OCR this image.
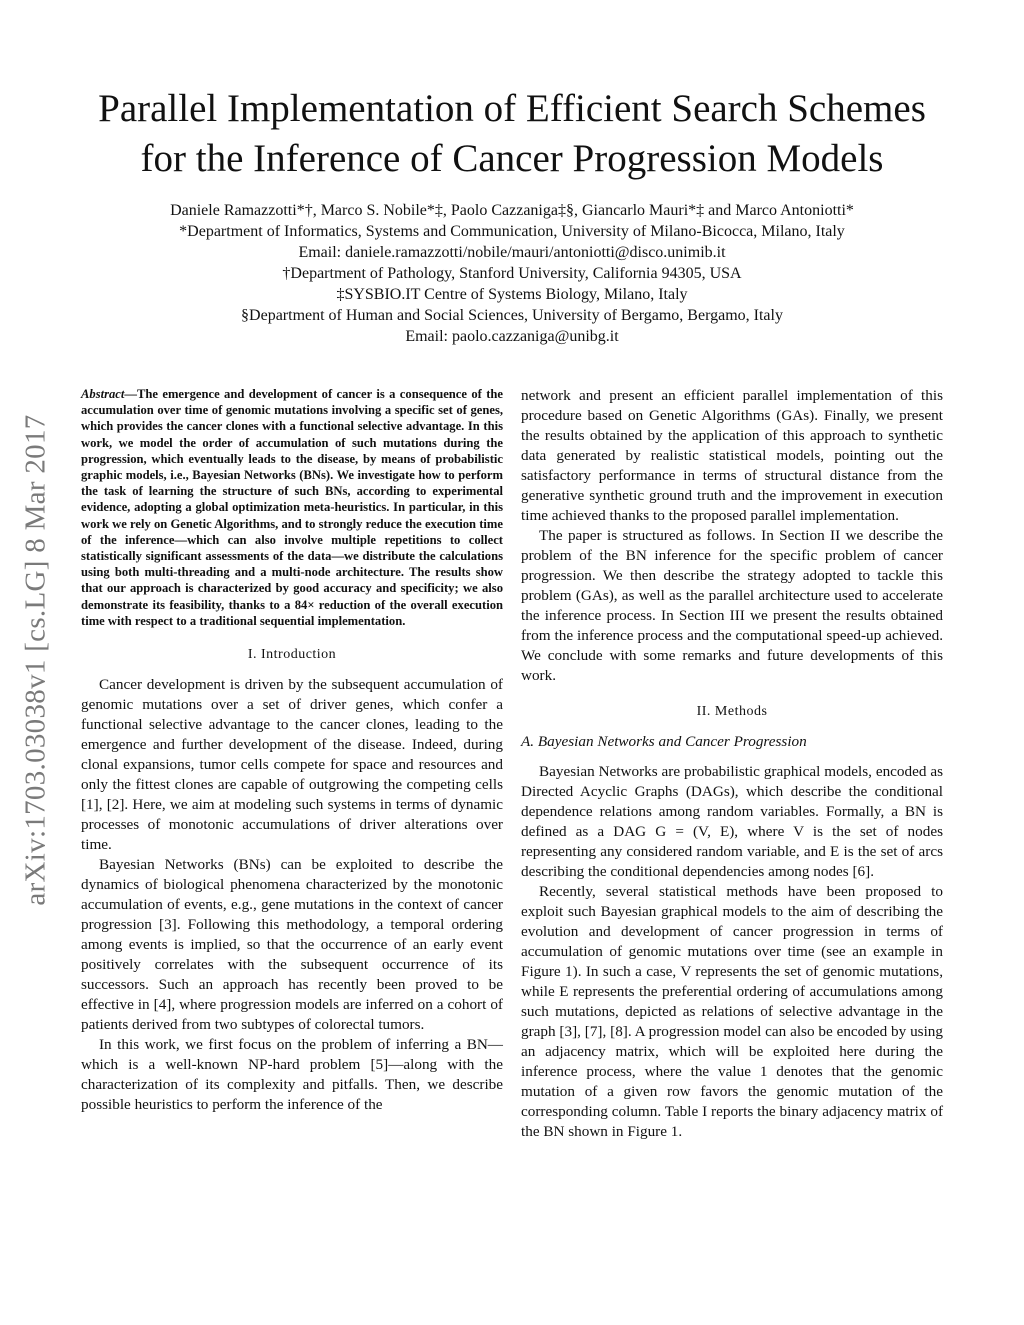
arXiv:1703.03038v1 [cs.LG] 8 Mar 2017
Parallel Implementation of Efficient Search Schemes
for the Inference of Cancer Progression Models
Daniele Ramazzotti*†, Marco S. Nobile*‡, Paolo Cazzaniga‡§, Giancarlo Mauri*‡ and Marco Antoniotti*
*Department of Informatics, Systems and Communication, University of Milano-Bicocca, Milano, Italy
Email: daniele.ramazzotti/nobile/mauri/antoniotti@disco.unimib.it
†Department of Pathology, Stanford University, California 94305, USA
‡SYSBIO.IT Centre of Systems Biology, Milano, Italy
§Department of Human and Social Sciences, University of Bergamo, Bergamo, Italy
Email: paolo.cazzaniga@unibg.it

Abstract—The emergence and development of cancer is a consequence of the accumulation over time of genomic mutations involving a specific set of genes, which provides the cancer clones with a functional selective advantage. In this work, we model the order of accumulation of such mutations during the progression, which eventually leads to the disease, by means of probabilistic graphic models, i.e., Bayesian Networks (BNs). We investigate how to perform the task of learning the structure of such BNs, according to experimental evidence, adopting a global optimization meta-heuristics. In particular, in this work we rely on Genetic Algorithms, and to strongly reduce the execution time of the inference—which can also involve multiple repetitions to collect statistically significant assessments of the data—we distribute the calculations using both multi-threading and a multi-node architecture. The results show that our approach is characterized by good accuracy and specificity; we also demonstrate its feasibility, thanks to a 84× reduction of the overall execution time with respect to a traditional sequential implementation.

I. Introduction

Cancer development is driven by the subsequent accumulation of genomic mutations over a set of driver genes, which confer a functional selective advantage to the cancer clones, leading to the emergence and further development of the disease. Indeed, during clonal expansions, tumor cells compete for space and resources and only the fittest clones are capable of outgrowing the competing cells [1], [2]. Here, we aim at modeling such systems in terms of dynamic processes of monotonic accumulations of driver alterations over time.

Bayesian Networks (BNs) can be exploited to describe the dynamics of biological phenomena characterized by the monotonic accumulation of events, e.g., gene mutations in the context of cancer progression [3]. Following this methodology, a temporal ordering among events is implied, so that the occurrence of an early event positively correlates with the subsequent occurrence of its successors. Such an approach has recently been proved to be effective in [4], where progression models are inferred on a cohort of patients derived from two subtypes of colorectal tumors.

In this work, we first focus on the problem of inferring a BN—which is a well-known NP-hard problem [5]—along with the characterization of its complexity and pitfalls. Then, we describe possible heuristics to perform the inference of the

network and present an efficient parallel implementation of this procedure based on Genetic Algorithms (GAs). Finally, we present the results obtained by the application of this approach to synthetic data generated by realistic statistical models, pointing out the satisfactory performance in terms of structural distance from the generative synthetic ground truth and the improvement in execution time achieved thanks to the proposed parallel implementation.

The paper is structured as follows. In Section II we describe the problem of the BN inference for the specific problem of cancer progression. We then describe the strategy adopted to tackle this problem (GAs), as well as the parallel architecture used to accelerate the inference process. In Section III we present the results obtained from the inference process and the computational speed-up achieved. We conclude with some remarks and future developments of this work.

II. Methods
A. Bayesian Networks and Cancer Progression

Bayesian Networks are probabilistic graphical models, encoded as Directed Acyclic Graphs (DAGs), which describe the conditional dependence relations among random variables. Formally, a BN is defined as a DAG G = (V, E), where V is the set of nodes representing any considered random variable, and E is the set of arcs describing the conditional dependencies among nodes [6].

Recently, several statistical methods have been proposed to exploit such Bayesian graphical models to the aim of describing the evolution and development of cancer progression in terms of accumulation of genomic mutations over time (see an example in Figure 1). In such a case, V represents the set of genomic mutations, while E represents the preferential ordering of accumulations among such mutations, depicted as relations of selective advantage in the graph [3], [7], [8]. A progression model can also be encoded by using an adjacency matrix, which will be exploited here during the inference process, where the value 1 denotes that the genomic mutation of a given row favors the genomic mutation of the corresponding column. Table I reports the binary adjacency matrix of the BN shown in Figure 1.
